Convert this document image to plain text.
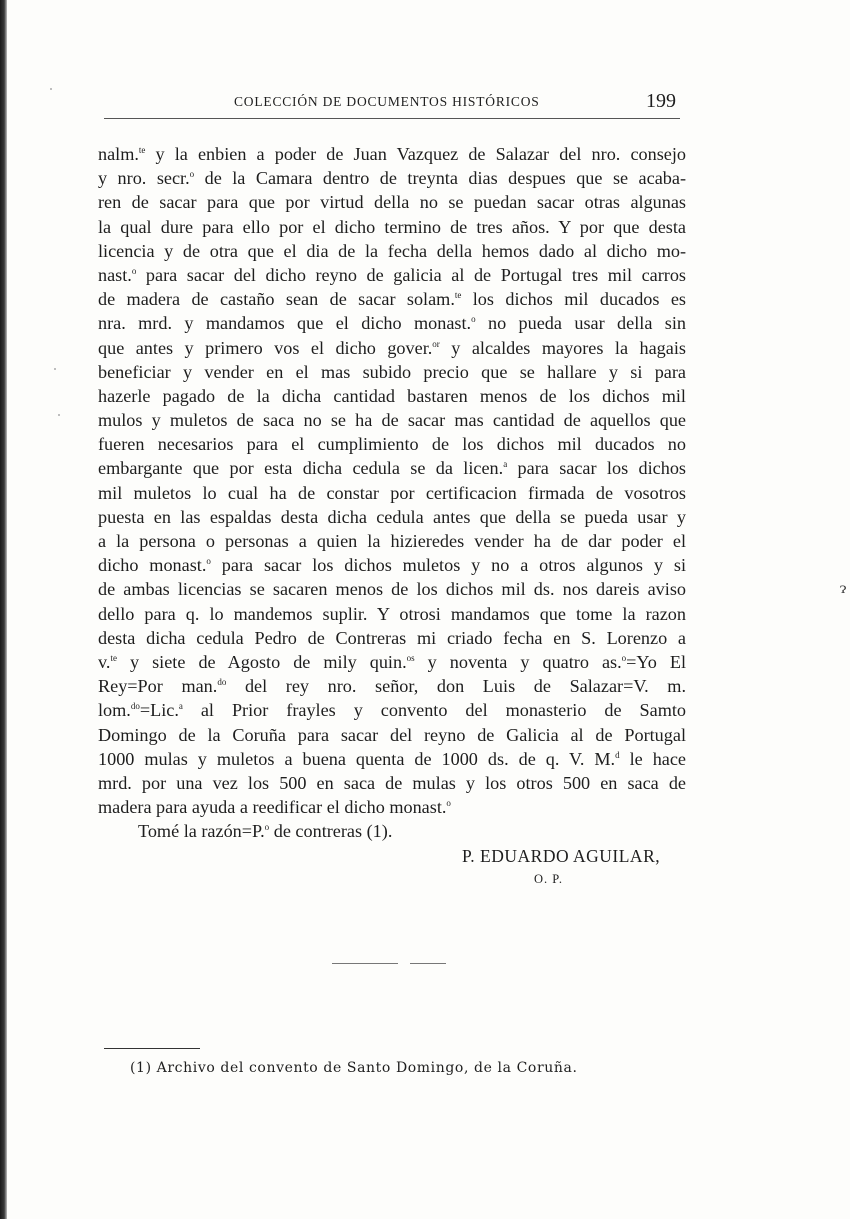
COLECCIÓN DE DOCUMENTOS HISTÓRICOS	199
nalm.$^{te}$ y la enbien a poder de Juan Vazquez de Salazar del nro. consejo
y nro. secr.$^o$ de la Camara dentro de treynta dias despues que se acaba-
ren de sacar para que por virtud della no se puedan sacar otras algunas
la qual dure para ello por el dicho termino de tres años. Y por que desta
licencia y de otra que el dia de la fecha della hemos dado al dicho mo-
nast.$^o$ para sacar del dicho reyno de galicia al de Portugal tres mil carros
de madera de castaño sean de sacar solam.$^{te}$ los dichos mil ducados es
nra. mrd. y mandamos que el dicho monast.$^o$ no pueda usar della sin
que antes y primero vos el dicho gover.$^{or}$ y alcaldes mayores la hagais
beneficiar y vender en el mas subido precio que se hallare y si para
hazerle pagado de la dicha cantidad bastaren menos de los dichos mil
mulos y muletos de saca no se ha de sacar mas cantidad de aquellos que
fueren necesarios para el cumplimiento de los dichos mil ducados no
embargante que por esta dicha cedula se da licen.$^a$ para sacar los dichos
mil muletos lo cual ha de constar por certificacion firmada de vosotros
puesta en las espaldas desta dicha cedula antes que della se pueda usar y
a la persona o personas a quien la hizieredes vender ha de dar poder el
dicho monast.$^o$ para sacar los dichos muletos y no a otros algunos y si
de ambas licencias se sacaren menos de los dichos mil ds. nos dareis aviso
dello para q. lo mandemos suplir. Y otrosi mandamos que tome la razon
desta dicha cedula Pedro de Contreras mi criado fecha en S. Lorenzo a
v.$^{te}$ y siete de Agosto de mily quin.$^{os}$ y noventa y quatro as.$^o$=Yo El
Rey=Por man.$^{do}$ del rey nro. señor, don Luis de Salazar=V. m.
lom.$^{do}$=Lic.$^a$ al Prior frayles y convento del monasterio de Samto
Domingo de la Coruña para sacar del reyno de Galicia al de Portugal
1000 mulas y muletos a buena quenta de 1000 ds. de q. V. M.$^d$ le hace
mrd. por una vez los 500 en saca de mulas y los otros 500 en saca de
madera para ayuda a reedificar el dicho monast.$^o$
Tomé la razón=P.$^o$ de contreras (1).
P. EDUARDO AGUILAR,
O. P.
(1) Archivo del convento de Santo Domingo, de la Coruña.
ɂ
